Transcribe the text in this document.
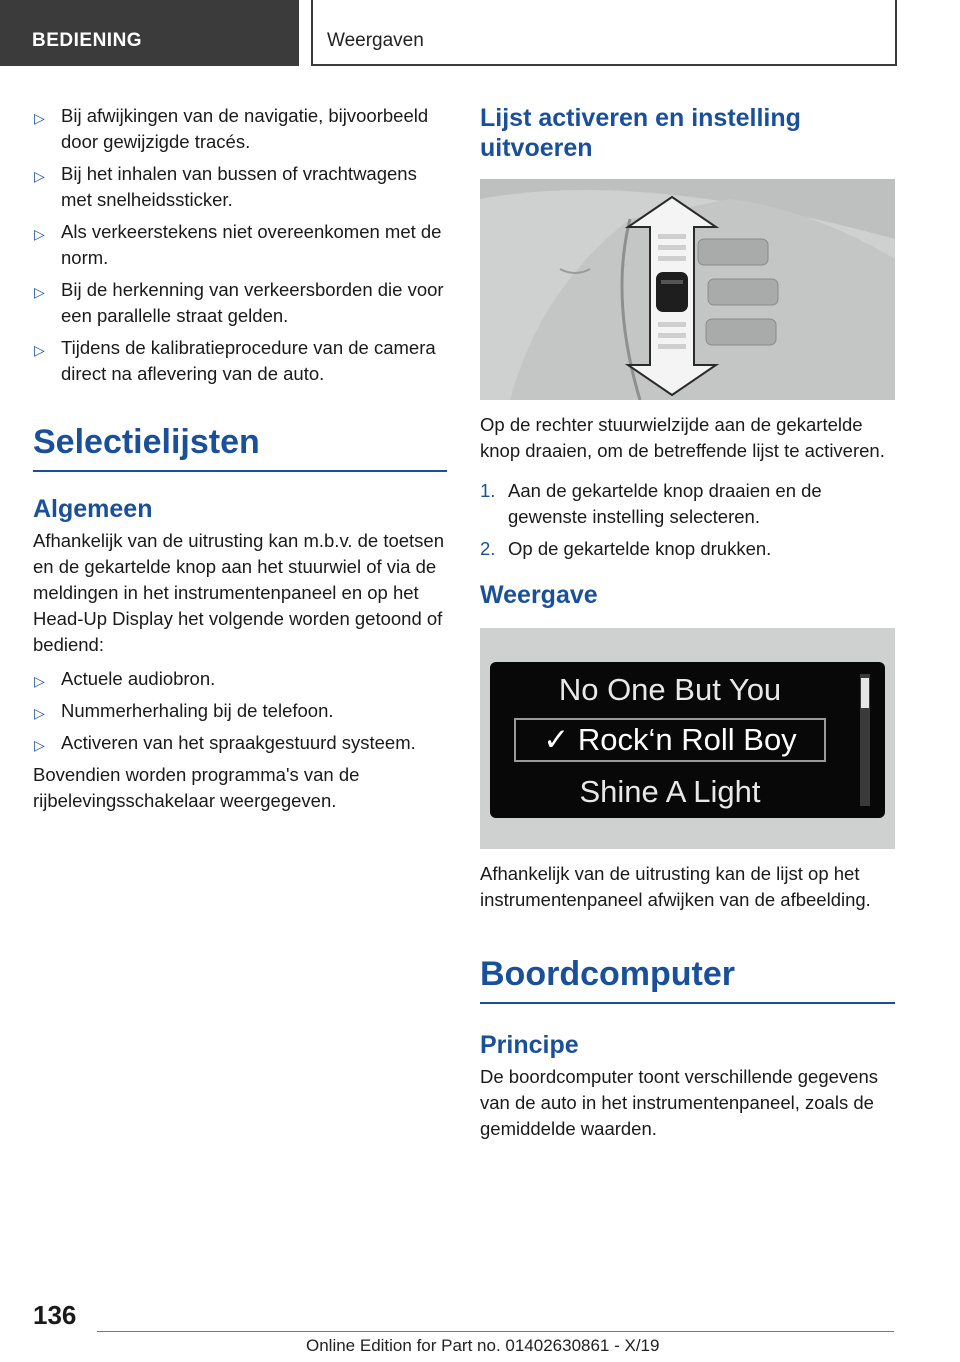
BEDIENING	Weergaven
▷ Bij afwijkingen van de navigatie, bijvoorbeeld door gewijzigde tracés.
▷ Bij het inhalen van bussen of vrachtwagens met snelheidssticker.
▷ Als verkeerstekens niet overeenkomen met de norm.
▷ Bij de herkenning van verkeersborden die voor een parallelle straat gelden.
▷ Tijdens de kalibratieprocedure van de camera direct na aflevering van de auto.
Selectielijsten
Algemeen

Afhankelijk van de uitrusting kan m.b.v. de toetsen en de gekartelde knop aan het stuurwiel of via de meldingen in het instrumentenpaneel en op het Head-Up Display het volgende worden getoond of bediend:

▷ Actuele audiobron.
▷ Nummerherhaling bij de telefoon.
▷ Activeren van het spraakgestuurd systeem.

Bovendien worden programma's van de rijbelevingsschakelaar weergegeven.

Lijst activeren en instelling uitvoeren

Op de rechter stuurwielzijde aan de gekartelde knop draaien, om de betreffende lijst te activeren.

1. Aan de gekartelde knop draaien en de gewenste instelling selecteren.
2. Op de gekartelde knop drukken.
Weergave
No One But You
✓ Rock‘n Roll Boy
Shine A Light

Afhankelijk van de uitrusting kan de lijst op het instrumentenpaneel afwijken van de afbeelding.

Boordcomputer
Principe

De boordcomputer toont verschillende gegevens van de auto in het instrumentenpaneel, zoals de gemiddelde waarden.

136
Online Edition for Part no. 01402630861 - X/19
